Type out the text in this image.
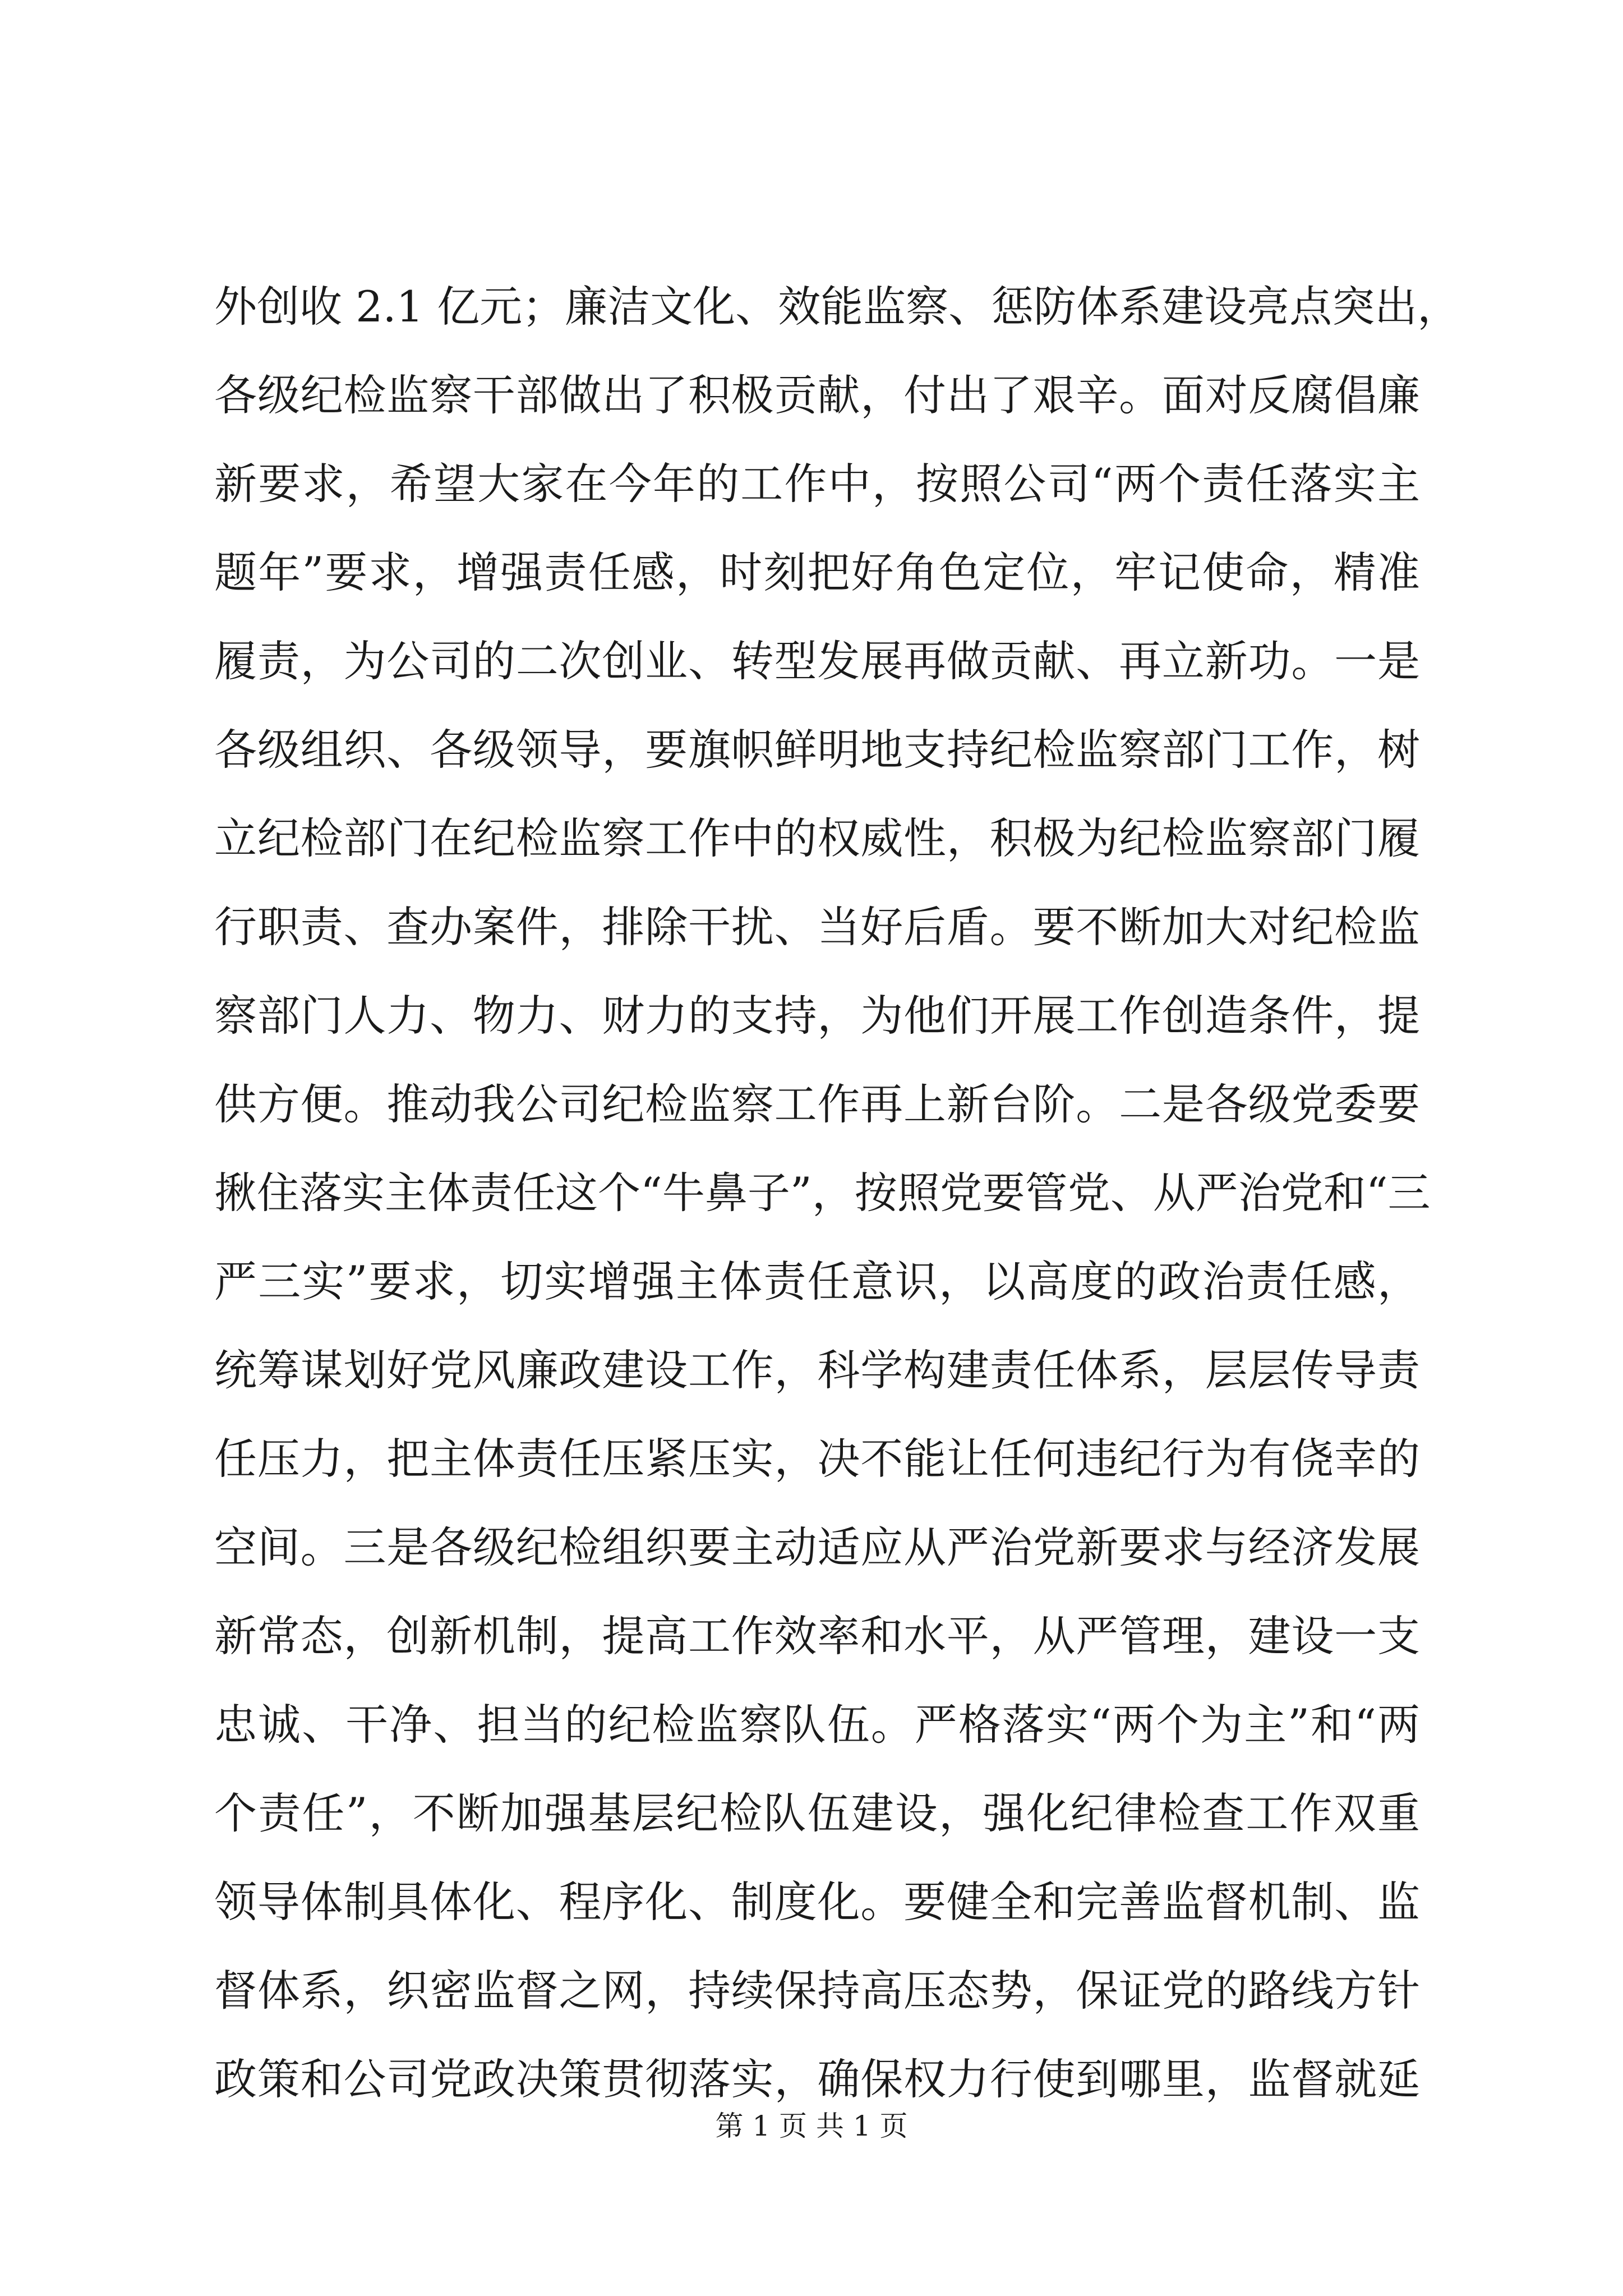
外创收 2.1 亿元；廉洁文化、效能监察、惩防体系建设亮点突出，
各级纪检监察干部做出了积极贡献，付出了艰辛。面对反腐倡廉
新要求，希望大家在今年的工作中，按照公司“两个责任落实主
题年”要求，增强责任感，时刻把好角色定位，牢记使命，精准
履责，为公司的二次创业、转型发展再做贡献、再立新功。一是
各级组织、各级领导，要旗帜鲜明地支持纪检监察部门工作，树
立纪检部门在纪检监察工作中的权威性，积极为纪检监察部门履
行职责、查办案件，排除干扰、当好后盾。要不断加大对纪检监
察部门人力、物力、财力的支持，为他们开展工作创造条件，提
供方便。推动我公司纪检监察工作再上新台阶。二是各级党委要
揪住落实主体责任这个“牛鼻子”，按照党要管党、从严治党和“三
严三实”要求，切实增强主体责任意识，以高度的政治责任感，
统筹谋划好党风廉政建设工作，科学构建责任体系，层层传导责
任压力，把主体责任压紧压实，决不能让任何违纪行为有侥幸的
空间。三是各级纪检组织要主动适应从严治党新要求与经济发展
新常态，创新机制，提高工作效率和水平，从严管理，建设一支
忠诚、干净、担当的纪检监察队伍。严格落实“两个为主”和“两
个责任”，不断加强基层纪检队伍建设，强化纪律检查工作双重
领导体制具体化、程序化、制度化。要健全和完善监督机制、监
督体系，织密监督之网，持续保持高压态势，保证党的路线方针
政策和公司党政决策贯彻落实，确保权力行使到哪里，监督就延
第 1 页 共 1 页
